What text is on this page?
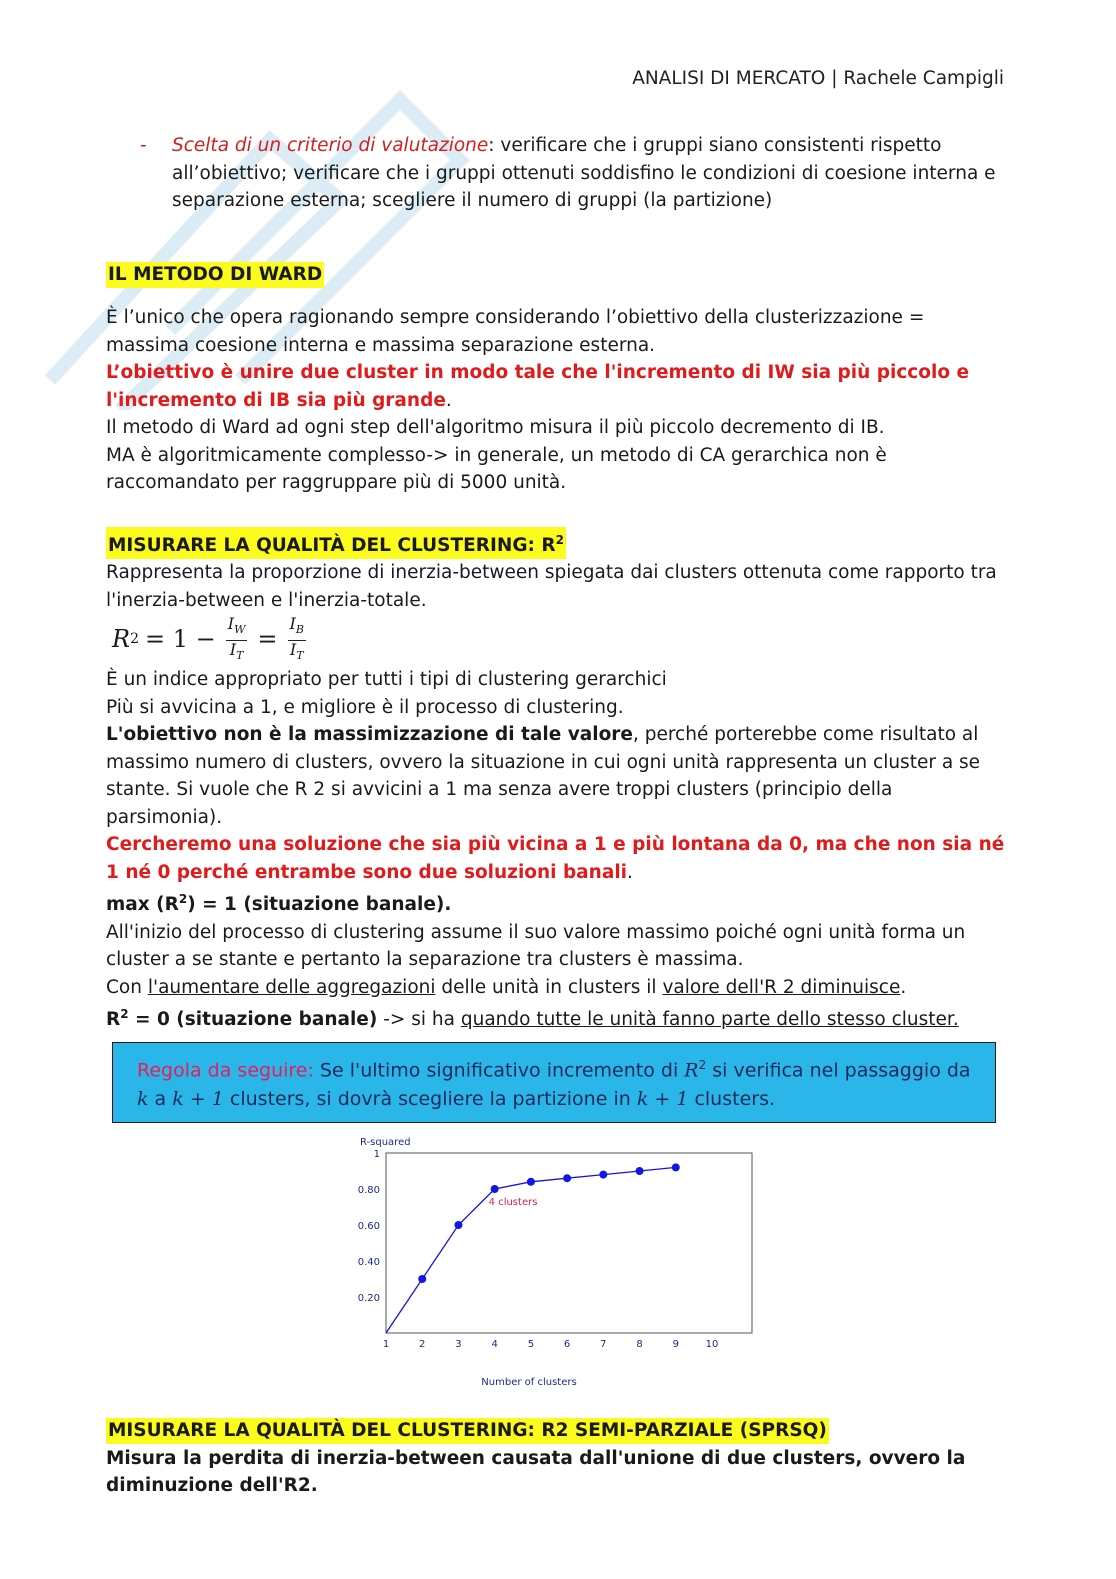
ANALISI DI MERCATO | Rachele Campigli
-	Scelta di un criterio di valutazione: verificare che i gruppi siano consistenti rispetto all’obiettivo; verificare che i gruppi ottenuti soddisfino le condizioni di coesione interna e separazione esterna; scegliere il numero di gruppi (la partizione)

IL METODO DI WARD

È l’unico che opera ragionando sempre considerando l’obiettivo della clusterizzazione = massima coesione interna e massima separazione esterna.

L’obiettivo è unire due cluster in modo tale che l'incremento di IW sia più piccolo e l'incremento di IB sia più grande.

Il metodo di Ward ad ogni step dell'algoritmo misura il più piccolo decremento di IB.

MA è algoritmicamente complesso-> in generale, un metodo di CA gerarchica non è raccomandato per raggruppare più di 5000 unità.

MISURARE LA QUALITÀ DEL CLUSTERING: $R^2$

Rappresenta la proporzione di inerzia-between spiegata dai clusters ottenuta come rapporto tra l'inerzia-between e l'inerzia-totale.

R $2 = 1 - \frac{I_W}{I_T} = \frac{I_B}{I_T}$

È un indice appropriato per tutti i tipi di clustering gerarchici

Più si avvicina a 1, e migliore è il processo di clustering.

L'obiettivo non è la massimizzazione di tale valore, perché porterebbe come risultato al massimo numero di clusters, ovvero la situazione in cui ogni unità rappresenta un cluster a se stante. Si vuole che R 2 si avvicini a 1 ma senza avere troppi clusters (principio della parsimonia).

Cercheremo una soluzione che sia più vicina a 1 e più lontana da 0, ma che non sia né 1 né 0 perché entrambe sono due soluzioni banali.

$\max (R^2) = 1$ (situazione banale).

All'inizio del processo di clustering assume il suo valore massimo poiché ogni unità forma un cluster a se stante e pertanto la separazione tra clusters è massima.

Con l'aumentare delle aggregazioni delle unità in clusters il valore dell'R 2 diminuisce.

$R^2 = 0$ (situazione banale) -> si ha quando tutte le unità fanno parte dello stesso cluster.

Regola da seguire: Se l'ultimo significativo incremento di $R^2$ si verifica nel passaggio da k a k + 1 clusters, si dovrà scegliere la partizione in k + 1 clusters.
R-squared
0.20
0.40
0.60
0.80
1
1	2	3	4	5	6	7	8	9	10
Number of clusters
4 clusters
MISURARE LA QUALITÀ DEL CLUSTERING: R2 SEMI-PARZIALE (SPRSQ)

Misura la perdita di inerzia-between causata dall'unione di due clusters, ovvero la diminuzione dell'R2.
